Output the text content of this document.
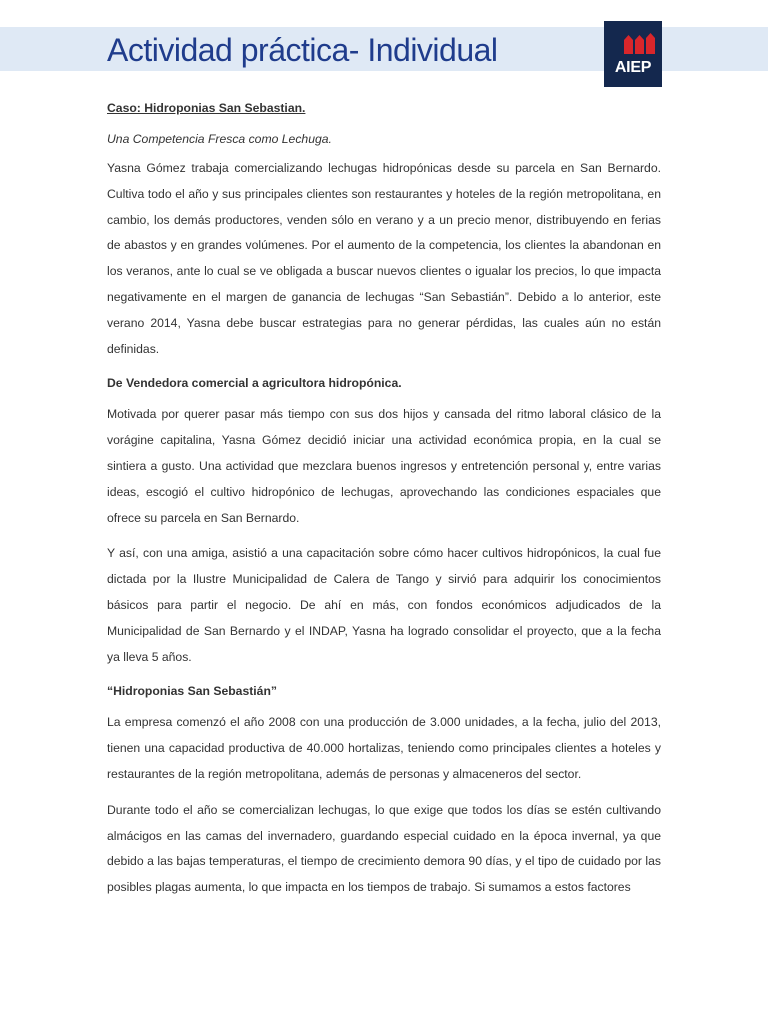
Actividad práctica- Individual	AIEP

Caso: Hidroponias San Sebastian.

Una Competencia Fresca como Lechuga.

Yasna Gómez trabaja comercializando lechugas hidropónicas desde su parcela en San Bernardo. Cultiva todo el año y sus principales clientes son restaurantes y hoteles de la región metropolitana, en cambio, los demás productores, venden sólo en verano y a un precio menor, distribuyendo en ferias de abastos y en grandes volúmenes. Por el aumento de la competencia, los clientes la abandonan en los veranos, ante lo cual se ve obligada a buscar nuevos clientes o igualar los precios, lo que impacta negativamente en el margen de ganancia de lechugas “San Sebastián”. Debido a lo anterior, este verano 2014, Yasna debe buscar estrategias para no generar pérdidas, las cuales aún no están definidas.

De Vendedora comercial a agricultora hidropónica.

Motivada por querer pasar más tiempo con sus dos hijos y cansada del ritmo laboral clásico de la vorágine capitalina, Yasna Gómez decidió iniciar una actividad económica propia, en la cual se sintiera a gusto. Una actividad que mezclara buenos ingresos y entretención personal y, entre varias ideas, escogió el cultivo hidropónico de lechugas, aprovechando las condiciones espaciales que ofrece su parcela en San Bernardo.

Y así, con una amiga, asistió a una capacitación sobre cómo hacer cultivos hidropónicos, la cual fue dictada por la Ilustre Municipalidad de Calera de Tango y sirvió para adquirir los conocimientos básicos para partir el negocio. De ahí en más, con fondos económicos adjudicados de la Municipalidad de San Bernardo y el INDAP, Yasna ha logrado consolidar el proyecto, que a la fecha ya lleva 5 años.

“Hidroponias San Sebastián”

La empresa comenzó el año 2008 con una producción de 3.000 unidades, a la fecha, julio del 2013, tienen una capacidad productiva de 40.000 hortalizas, teniendo como principales clientes a hoteles y restaurantes de la región metropolitana, además de personas y almaceneros del sector.

Durante todo el año se comercializan lechugas, lo que exige que todos los días se estén cultivando almácigos en las camas del invernadero, guardando especial cuidado en la época invernal, ya que debido a las bajas temperaturas, el tiempo de crecimiento demora 90 días, y el tipo de cuidado por las posibles plagas aumenta, lo que impacta en los tiempos de trabajo. Si sumamos a estos factores
